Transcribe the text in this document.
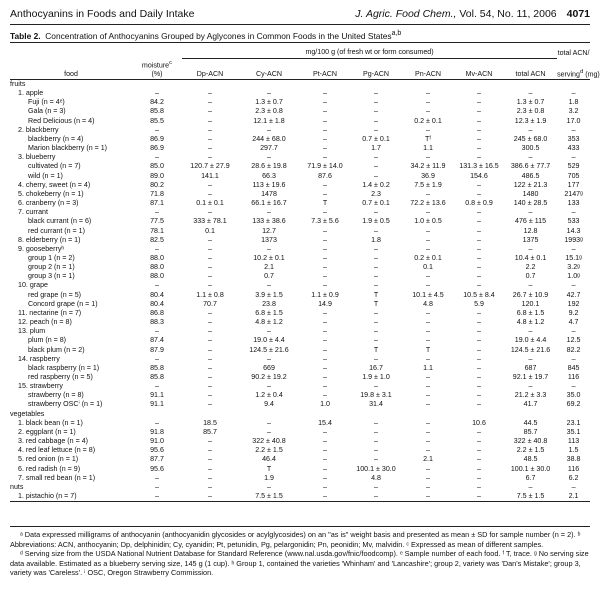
Anthocyanins in Foods and Daily Intake	J. Agric. Food Chem.,
Vol. 54, No. 11, 2006 4071
Table 2. Concentration of Anthocyanins Grouped by Aglycones in Common Foods in the United States$^{a,b}$
		mg/100 g (of fresh wt or form consumed)							total ACN/
food	moisture$^c$
(%)	Dp-ACN	Cy-ACN	Pt-ACN	Pg-ACN	Pn-ACN	Mv-ACN	total ACN	serving$^d$ (mg)
fruits									
1. apple	–	–	–	–	–	–	–	–	–
Fuji (n = 4ᵉ)	84.2	–	1.3 ± 0.7	–	–	–	–	1.3 ± 0.7	1.8
Gala (n = 3)	85.8	–	2.3 ± 0.8	–	–	–	–	2.3 ± 0.8	3.2
Red Delicious (n = 4)	85.5	–	12.1 ± 1.8	–	–	0.2 ± 0.1	–	12.3 ± 1.9	17.0
2. blackberry	–	–	–	–	–	–	–	–	–
blackberry (n = 4)	86.9	–	244 ± 68.0	–	0.7 ± 0.1	Tᶠ	–	245 ± 68.0	353
Marion blackberry (n = 1)	86.9	–	297.7	–	1.7	1.1	–	300.5	433
3. blueberry	–	–	–	–	–	–	–	–	–
cultivated (n = 7)	85.0	120.7 ± 27.9	28.6 ± 19.8	71.9 ± 14.0	–	34.2 ± 11.9	131.3 ± 16.5	386.6 ± 77.7	529
wild (n = 1)	89.0	141.1	66.3	87.6	–	36.9	154.6	486.5	705
4. cherry, sweet (n = 4)	80.2	–	113 ± 19.6	–	1.4 ± 0.2	7.5 ± 1.9	–	122 ± 21.3	177
5. chokeberry (n = 1)	71.8	–	1478	–	2.3	–	–	1480	2147ᵍ
6. cranberry (n = 3)	87.1	0.1 ± 0.1	66.1 ± 16.7	T	0.7 ± 0.1	72.2 ± 13.6	0.8 ± 0.9	140 ± 28.5	133
7. currant	–	–	–	–	–	–	–	–	–
black currant (n = 6)	77.5	333 ± 78.1	133 ± 38.6	7.3 ± 5.6	1.9 ± 0.5	1.0 ± 0.5	–	476 ± 115	533
red currant (n = 1)	78.1	0.1	12.7	–	–	–	–	12.8	14.3
8. elderberry (n = 1)	82.5	–	1373	–	1.8	–	–	1375	1993ᵍ
9. gooseberryʰ	–	–	–	–	–	–	–	–	–
group 1 (n = 2)	88.0	–	10.2 ± 0.1	–	–	0.2 ± 0.1	–	10.4 ± 0.1	15.1ᵍ
group 2 (n = 1)	88.0	–	2.1	–	–	0.1	–	2.2	3.2ᵍ
group 3 (n = 1)	88.0	–	0.7	–	–	–	–	0.7	1.0ᵍ
10. grape	–	–	–	–	–	–	–	–	–
red grape (n = 5)	80.4	1.1 ± 0.8	3.9 ± 1.5	1.1 ± 0.9	T	10.1 ± 4.5	10.5 ± 8.4	26.7 ± 10.9	42.7
Concord grape (n = 1)	80.4	70.7	23.8	14.9	T	4.8	5.9	120.1	192
11. nectarine (n = 7)	86.8	–	6.8 ± 1.5	–	–	–	–	6.8 ± 1.5	9.2
12. peach (n = 8)	88.3	–	4.8 ± 1.2	–	–	–	–	4.8 ± 1.2	4.7
13. plum	–	–	–	–	–	–	–	–	–
plum (n = 8)	87.4	–	19.0 ± 4.4	–	–	–	–	19.0 ± 4.4	12.5
black plum (n = 2)	87.9	–	124.5 ± 21.6	–	T	T	–	124.5 ± 21.6	82.2
14. raspberry	–	–	–	–	–	–	–	–	–
black raspberry (n = 1)	85.8	–	669	–	16.7	1.1	–	687	845
red raspberry (n = 5)	85.8	–	90.2 ± 19.2	–	1.9 ± 1.0	–	–	92.1 ± 19.7	116
15. strawberry	–	–	–	–	–	–	–	–	–
strawberry (n = 8)	91.1	–	1.2 ± 0.4	–	19.8 ± 3.1	–	–	21.2 ± 3.3	35.0
strawberry OSCⁱ (n = 1)	91.1	–	9.4	1.0	31.4	–	–	41.7	69.2
vegetables									
1. black bean (n = 1)	–	18.5	–	15.4	–	–	10.6	44.5	23.1
2. eggplant (n = 1)	91.8	85.7	–	–	–	–	–	85.7	35.1
3. red cabbage (n = 4)	91.0	–	322 ± 40.8	–	–	–	–	322 ± 40.8	113
4. red leaf lettuce (n = 8)	95.6	–	2.2 ± 1.5	–	–	–	–	2.2 ± 1.5	1.5
5. red onion (n = 1)	87.7	–	46.4	–	–	2.1	–	48.5	38.8
6. red radish (n = 9)	95.6	–	T	–	100.1 ± 30.0	–	–	100.1 ± 30.0	116
7. small red bean (n = 1)	–	–	1.9	–	4.8	–	–	6.7	6.2
nuts	–	–	–	–	–	–	–	–	–
1. pistachio (n = 7)	–	–	7.5 ± 1.5	–	–	–	–	7.5 ± 1.5	2.1

ᵃ Data expressed milligrams of anthocyanin (anthocyanidin glycosides or acylglycosides) on an "as is" weight basis and presented as mean ± SD for sample number (n = 2). ᵇ Abbreviations: ACN, anthocyanin; Dp, delphinidin; Cy, cyanidin; Pt, petunidin, Pg, pelargonidin; Pn, peonidin; Mv, malvidin. ᶜ Expressed as mean of different samples.

ᵈ Serving size from the USDA National Nutrient Database for Standard Reference (www.nal.usda.gov/fnic/foodcomp). ᵉ Sample number of each food. ᶠ T, trace. ᵍ No serving size data available. Estimated as a blueberry serving size, 145 g (1 cup). ʰ Group 1, contained the varieties 'Whinham' and 'Lancashire'; group 2, variety was 'Dan's Mistake'; group 3, variety was 'Careless'. ⁱ OSC, Oregon Strawberry Commission.
